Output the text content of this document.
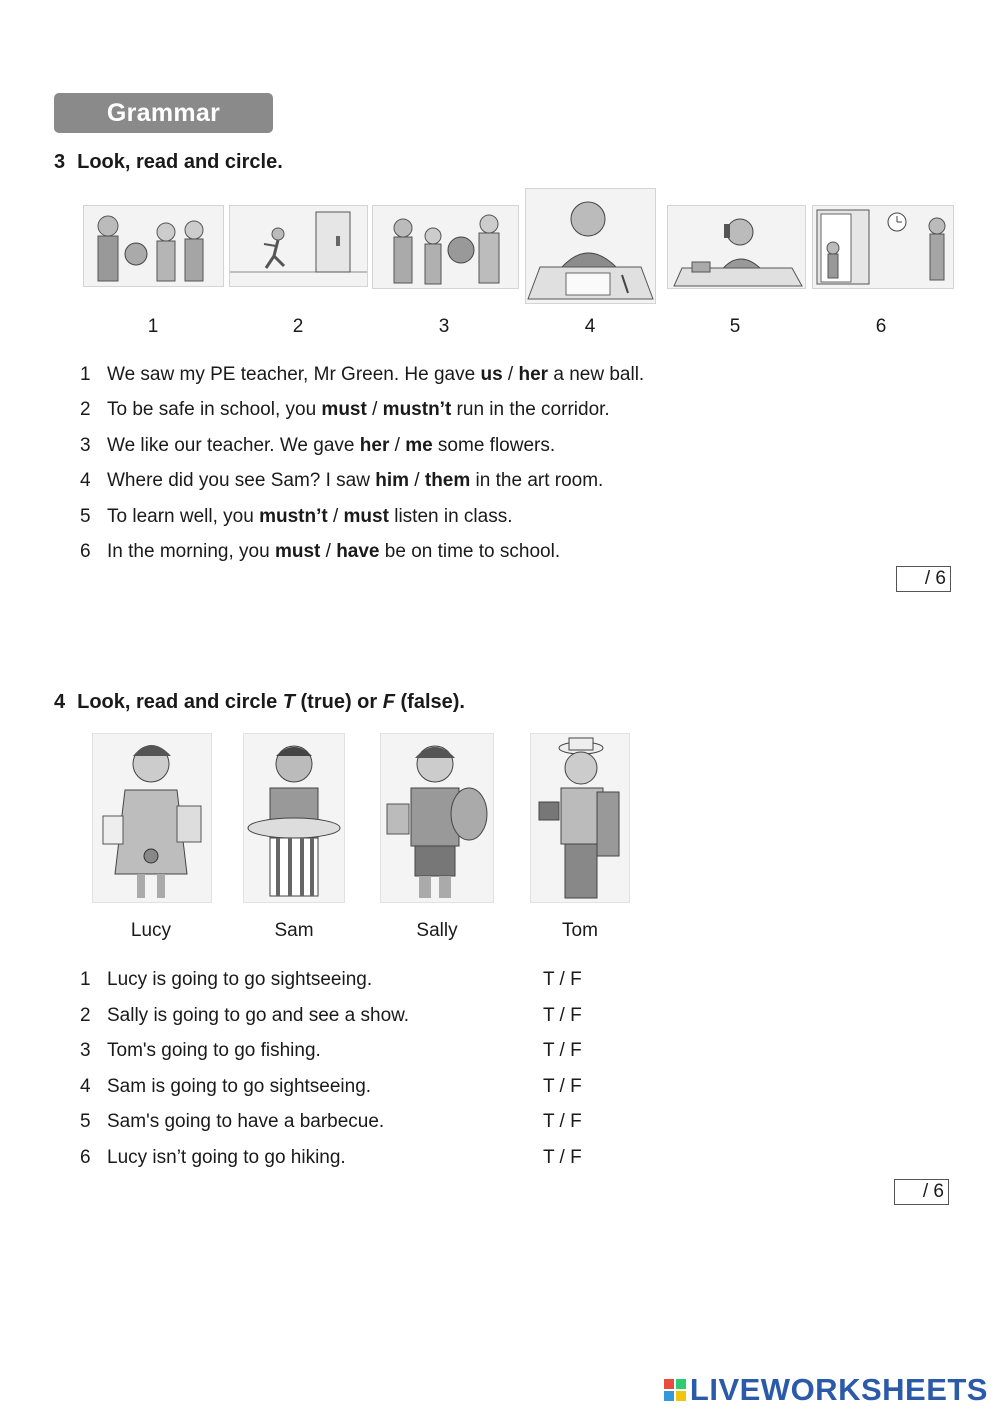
Grammar
3 Look, read and circle.
1	2	3	4	5	6
1 We saw my PE teacher, Mr Green. He gave us / her a new ball.
2 To be safe in school, you must / mustn’t run in the corridor.
3 We like our teacher. We gave her / me some flowers.
4 Where did you see Sam? I saw him / them in the art room.
5 To learn well, you mustn’t / must listen in class.
6 In the morning, you must / have be on time to school.
/ 6
4 Look, read and circle T (true) or F (false).
Lucy	Sam	Sally	Tom
1 Lucy is going to go sightseeing.	T / F
2 Sally is going to go and see a show.	T / F
3 Tom's going to go fishing.	T / F
4 Sam is going to go sightseeing.	T / F
5 Sam's going to have a barbecue.	T / F
6 Lucy isn’t going to go hiking.	T / F
/ 6
LIVEWORKSHEETS
